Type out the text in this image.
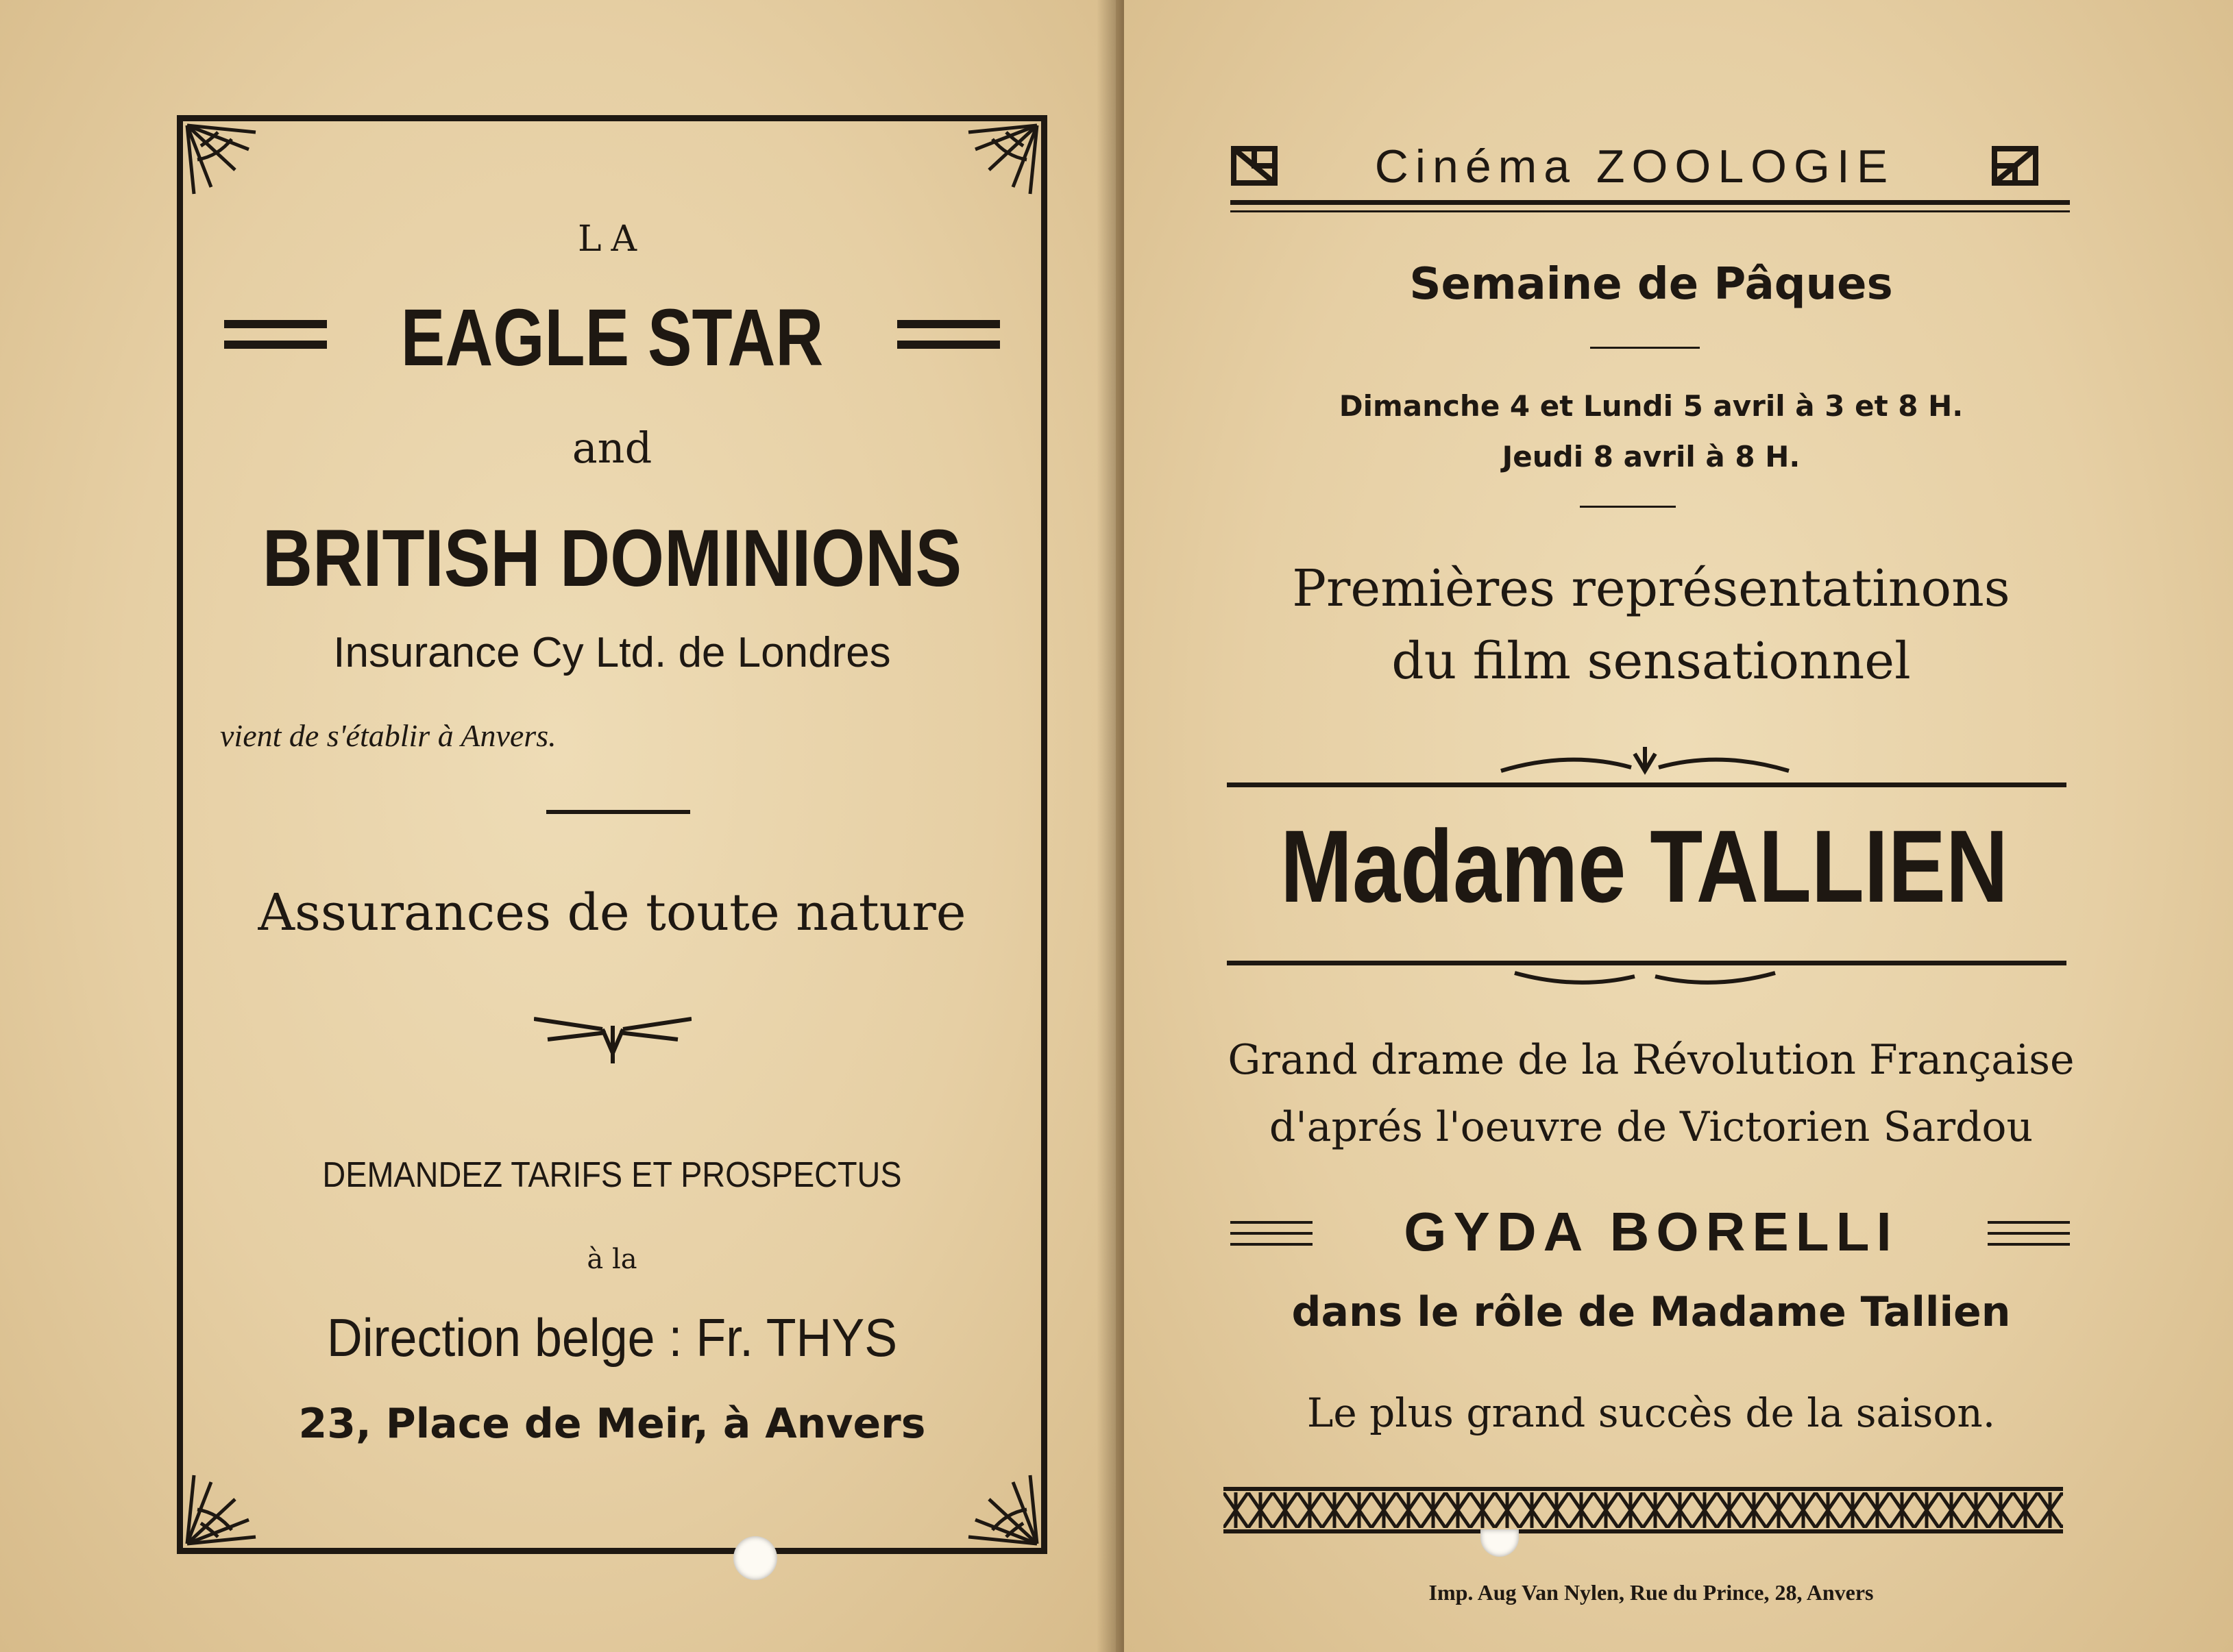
LA
EAGLE STAR
and
BRITISH DOMINIONS
Insurance Cy Ltd. de Londres
vient de s'établir à Anvers.
Assurances de toute nature
DEMANDEZ TARIFS ET PROSPECTUS
à la
Direction belge : Fr. THYS
23, Place de Meir, à Anvers
Cinéma ZOOLOGIE
Semaine de Pâques
Dimanche 4 et Lundi 5 avril à 3 et 8 H.
Jeudi 8 avril à 8 H.
Premières représentatinons
du film sensationnel
Madame TALLIEN
Grand drame de la Révolution Française
d'aprés l'oeuvre de Victorien Sardou
GYDA BORELLI
dans le rôle de Madame Tallien
Le plus grand succès de la saison.
Imp. Aug Van Nylen, Rue du Prince, 28, Anvers
